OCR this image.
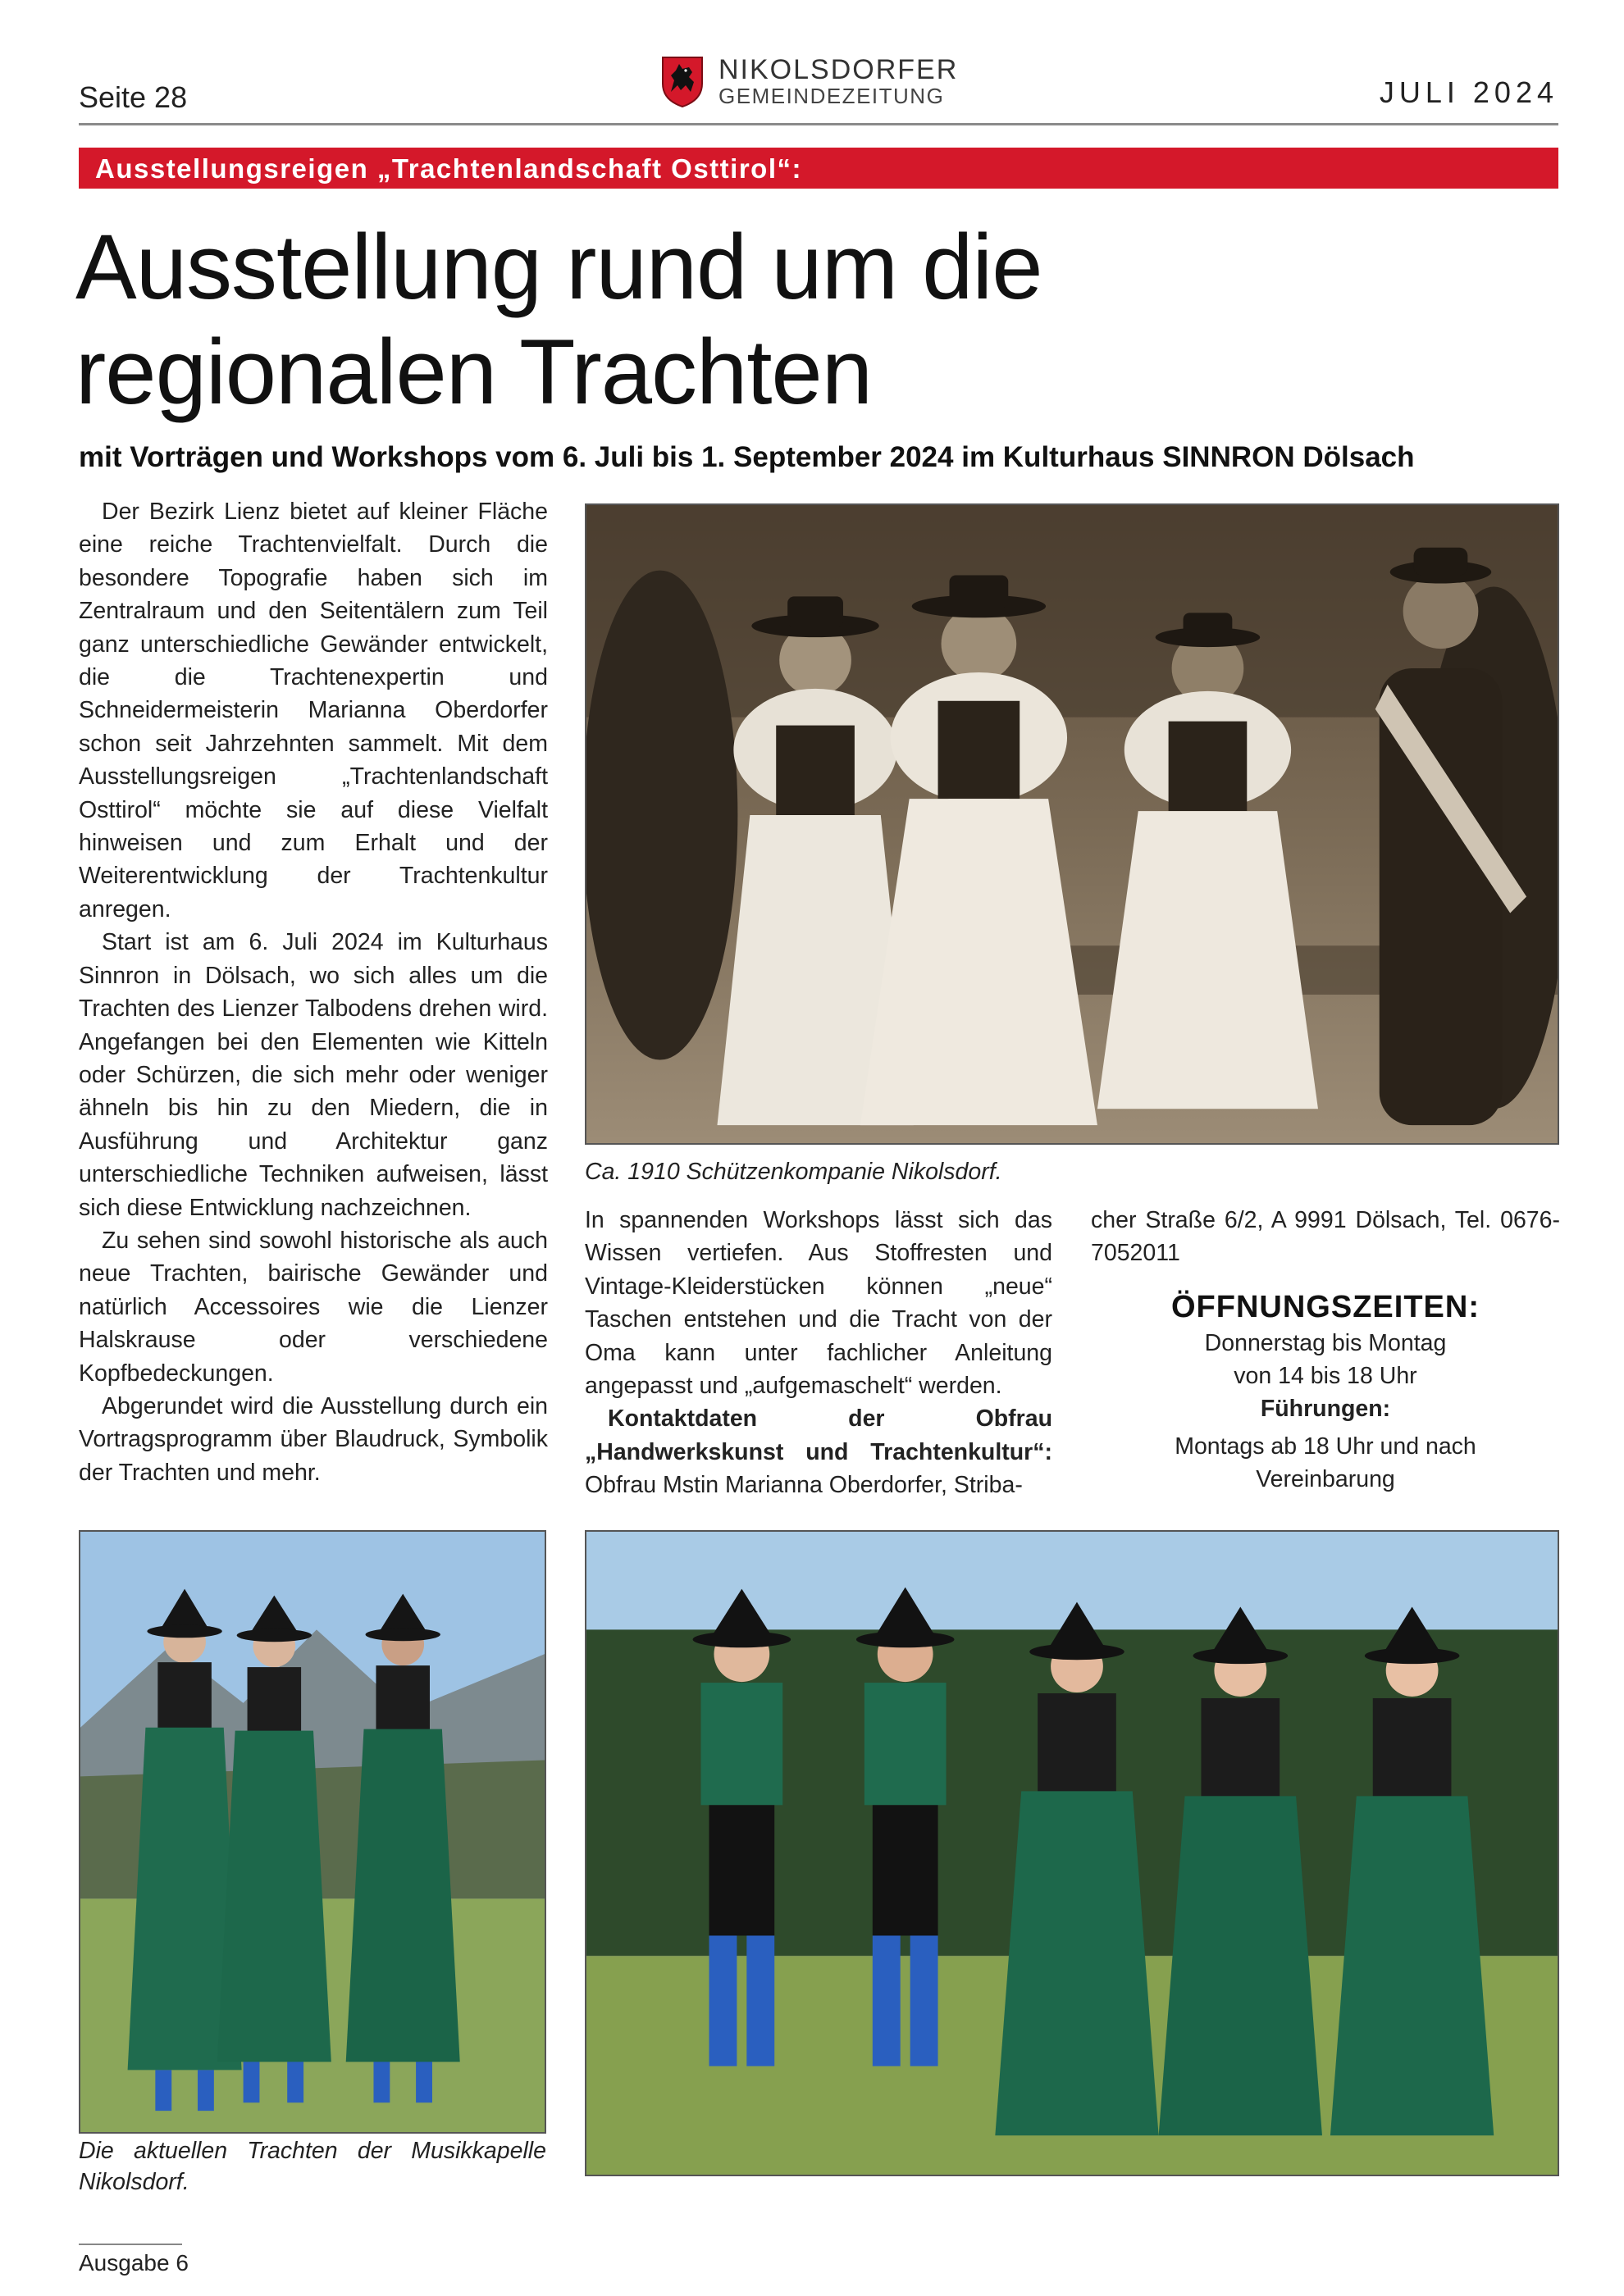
Seite 28
NIKOLSDORFER
GEMEINDEZEITUNG	JULI 2024
Ausstellungsreigen „Trachtenlandschaft Osttirol“:
Ausstellung rund um die
regionalen Trachten
mit Vorträgen und Workshops vom 6. Juli bis 1. September 2024 im Kulturhaus SINNRON Dölsach

Der Bezirk Lienz bietet auf kleiner Fläche eine reiche Trachtenvielfalt. Durch die besondere Topografie haben sich im Zentralraum und den Seitentälern zum Teil ganz unterschiedliche Gewänder entwickelt, die die Trachtenexpertin und Schneidermeisterin Marianna Oberdorfer schon seit Jahrzehnten sammelt. Mit dem Ausstellungsreigen „Trachtenlandschaft Osttirol“ möchte sie auf diese Vielfalt hinweisen und zum Erhalt und der Weiterentwicklung der Trachtenkultur anregen.

Start ist am 6. Juli 2024 im Kulturhaus Sinnron in Dölsach, wo sich alles um die Trachten des Lienzer Talbodens drehen wird. Angefangen bei den Elementen wie Kitteln oder Schürzen, die sich mehr oder weniger ähneln bis hin zu den Miedern, die in Ausführung und Architektur ganz unterschiedliche Techniken aufweisen, lässt sich diese Entwicklung nachzeichnen.

Zu sehen sind sowohl historische als auch neue Trachten, bairische Gewänder und natürlich Accessoires wie die Lienzer Halskrause oder verschiedene Kopfbedeckungen.

Abgerundet wird die Ausstellung durch ein Vortragsprogramm über Blaudruck, Symbolik der Trachten und mehr.

Ca. 1910 Schützenkompanie Nikolsdorf.

In spannenden Workshops lässt sich das Wissen vertiefen. Aus Stoffresten und Vintage-Kleiderstücken können „neue“ Taschen entstehen und die Tracht von der Oma kann unter fachlicher Anleitung angepasst und „aufgemaschelt“ werden.

Kontaktdaten der Obfrau „Handwerkskunst und Trachtenkultur“: Obfrau Mstin Marianna Oberdorfer, Striba-

cher Straße 6/2, A 9991 Dölsach, Tel. 0676-7052011

ÖFFNUNGSZEITEN:
Donnerstag bis Montag
von 14 bis 18 Uhr
Führungen:
Montags ab 18 Uhr und nach
Vereinbarung
Die aktuellen Trachten der Musikkapelle Nikolsdorf.
Ausgabe 6
